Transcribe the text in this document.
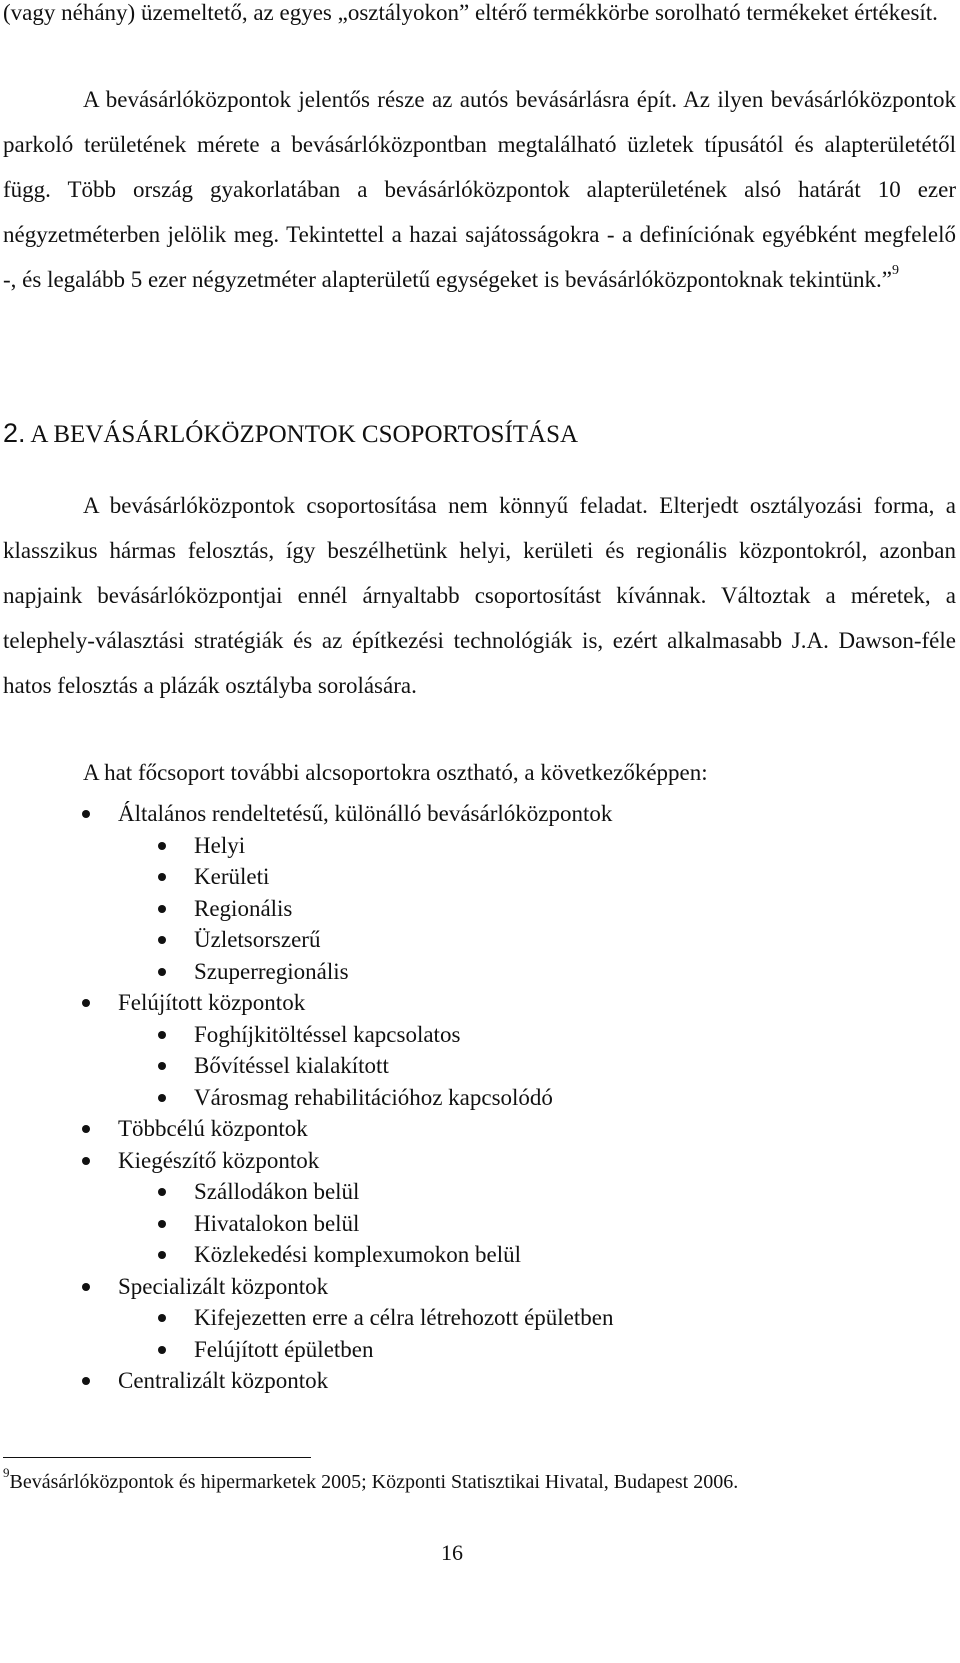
(vagy néhány) üzemeltető, az egyes „osztályokon” eltérő termékkörbe sorolható termékeket értékesít.

A bevásárlóközpontok jelentős része az autós bevásárlásra épít. Az ilyen bevásárlóközpontok parkoló területének mérete a bevásárlóközpontban megtalálható üzletek típusától és alapterületétől függ. Több ország gyakorlatában a bevásárlóközpontok alapterületének alsó határát 10 ezer négyzetméterben jelölik meg. Tekintettel a hazai sajátosságokra - a definíciónak egyébként megfelelő -, és legalább 5 ezer négyzetméter alapterületű egységeket is bevásárlóközpontoknak tekintünk.”$^9$

2. A BEVÁSÁRLÓKÖZPONTOK CSOPORTOSÍTÁSA

A bevásárlóközpontok csoportosítása nem könnyű feladat. Elterjedt osztályozási forma, a klasszikus hármas felosztás, így beszélhetünk helyi, kerületi és regionális központokról, azonban napjaink bevásárlóközpontjai ennél árnyaltabb csoportosítást kívánnak. Változtak a méretek, a telephely-választási stratégiák és az építkezési technológiák is, ezért alkalmasabb J.A. Dawson-féle hatos felosztás a plázák osztályba sorolására.

A hat főcsoport további alcsoportokra osztható, a következőképpen:

Általános rendeltetésű, különálló bevásárlóközpontok
Helyi
Kerületi
Regionális
Üzletsorszerű
Szuperregionális
Felújított központok
Foghíjkitöltéssel kapcsolatos
Bővítéssel kialakított
Városmag rehabilitációhoz kapcsolódó
Többcélú központok
Kiegészítő központok
Szállodákon belül
Hivatalokon belül
Közlekedési komplexumokon belül
Specializált központok
Kifejezetten erre a célra létrehozott épületben
Felújított épületben
Centralizált központok

$^9$Bevásárlóközpontok és hipermarketek 2005; Központi Statisztikai Hivatal, Budapest 2006.

16
